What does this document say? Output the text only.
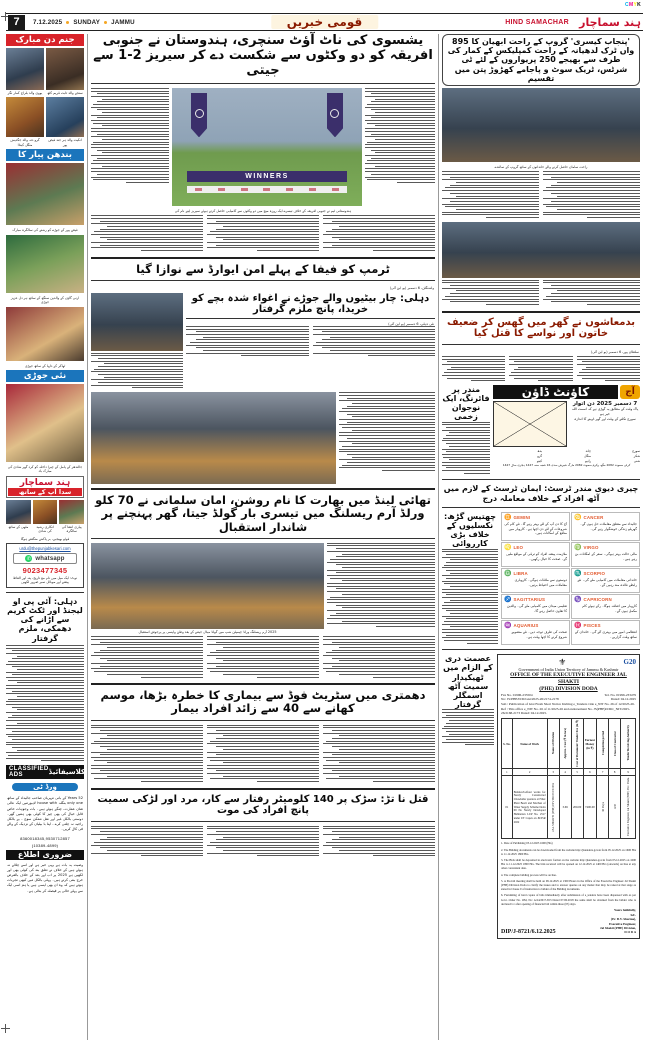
CMYK
7	7.12.2025 SUNDAY JAMMU	قومی خبریں	HIND SAMACHAR ہند سماچار
جنم دن مبارک
یووی والد بلراج کمار نگر	سنجے والد ثابت قریم کٹھ
گرو دتہ والد جگدیش منگل کینڈا
انکیت والد ہر جند فیض پور
بندھن پیار کا
فیض پور کے جوڑے کو رشتے کی سالگرہ مبارک
ارنی گاؤں کے والدین سنگھ کے ساتھ ہر دل عزیز جوڑی
ٹھاکر کے دلہا کے ساتھ جوڑی
نئی جوڑی
جالندھر کے پامل کے چیرا داخلہ کو کرد گھر شادی کی مبارک باد
ہند سماچار
سدا آپ کے ساتھ
مٹھی کے ساتھ	انکاری رشید کی شادی
پیاری انشا کی سالگرہ
فوٹو بھیجیں، بر پاکش منگفتے ہوگا
urdu@thepunjabkesari.com
✆ whatsapp
9023477345
نوٹ: ایک میل میں نام مع تاریخ، پتہ اور الفاظ پیشے اور موبائل نمبر ضرور لکھیں
دہلی: آئی پی او لیجنڈ اور ٹکٹ کریم سے اڑانے کی دھمکی، ملزم گرفتار
CLASSIFIED ADS	کلاسیفائیڈ
ورڈ ٹی
52 Years کے بانی مہربان صاحب جائیداد کے ساتھ only one بنگلہ house with لاہورمیں ایک عالی شان عمارت، چنگے ہوئے ہیں۔ بات وجوہات خاص قابل خیال کی بھی چیز کا کوئی بھی ہمیں گھر۔ دوستی بالکل غیر اور نقل ممکن سوچ - بے بالکل راجیہ نہ چلتی کرے - اپنا با بیٹیاں کے نزدیک کے والے فی کال کریں۔
8360018345,9530712857
(10389-4899)
ضروری اطلاع
وصیت یہ بات ہے یہی خبر ہے اور اسے چلائے نہ ہوئے ہیں کے خلاف نے تعلق بند کی کوئی بھی اور لکھیں ہے 2025 پر اب اور بعد کے خلاف بالفرض خرچ بنتی کرتے ہیں۔ پہلی بالکل میں کبھی تجربات ہوتے ہیں کہ وہ ان بھی ایسی ہیں یا ہم اسی ایک سے پہلے خالی پر فیصلہ کر بتائی ہے۔
یشسوی کی ناٹ آؤٹ سنچری، ہندوستان نے جنوبی افریقہ کو دو وکٹوں سے شکست دے کر سیریز 2-1 سے جیتی
WINNERS
ہندوستانی ٹیم نے جنوبی افریقہ کے خلاف تیسرے ایک روزہ میچ میں دو وکٹوں سے کامیابی حاصل کرتے ہوئے سیریز اپنے نام کی
ٹرمپ کو فیفا کے پہلے امن ایوارڈ سے نوازا گیا
واشنگٹن، 6 دسمبر (یو این آئی)
دہلی: چار بیٹیوں والے جوڑے نے اغواء شدہ بچے کو خریدا، پانچ ملزم گرفتار
نئی دہلی، 6 دسمبر (یو این آئی)
تھائی لینڈ میں بھارت کا نام روشن، امان سلمانی نے 70 کلو ورلڈ آرم ریسلنگ میں تیسری بار گولڈ جیتا، گھر پہنچنے پر شاندار استقبال
2025 آرم ریسلنگ ورلڈ چیمپئن شپ میں گولڈ میڈل جیتنے کے بعد وطن واپسی پر پرجوش استقبال
دھمتری میں سٹریٹ فوڈ سے بیماری کا خطرہ بڑھا، موسم کھانے سے 40 سے زائد افراد بیمار
قتل نا تڑ: سڑک پر 140 کلومیٹر رفتار سے کار، مرد اور لڑکی سمیت پانچ افراد کی موت
'پنجاب کیسری' گروپ کے راحت ابھیان کا 895 واں ٹرک لدھیانہ کے راحت کمپلیکس کے کمار کی طرف سے بھیجے 250 پریواروں کے لئے ٹی شرٹس، ٹریک سوٹ و پاجامے کھڑوڑ پتن میں تقسیم
راحت سامان حاصل کرنے والے خاندانوں کے ساتھ گروپ کے نمائندے
بدمعاشوں نے گھر میں گھس کر ضعیف خاتون اور نواسے کا قتل کیا
سلطان پور، 6 دسمبر (یو این آئی)
مندر پر فائرنگ، ایک نوجوان زخمی
کاؤنٹ ڈاؤن	آج
7 دسمبر 2025 دن اتوار
پاک وقت کے مطابق یہ گھڑی ہے کہ اسمت اللہ خیر ہو
سورج نکلنے کے وقت اور گھر ڈوبنے کا اندازہ
سورج
چاند
بدھ
شکر
منگل
گرو
شنی
راہو
کیتو
کرلی سموت 2082 مگھ، وکرم سموت 2082 مارگ شیرش سدی 16 شنبہ سنہ 1447 ہجری سال 1447
چیری دیوی مندر ٹرسٹ: ایمان ٹرسٹ کے لازم میں آٹھ افراد کے خلاف معاملہ درج
چھتیس گڑھ: نکسلیوں کے خلاف بڑی کارروائی
♊ GEMINI
آج کا دن آپ کے لئے بہتر رہے گا۔ نئے کام کی شروعات کے لئے دن اچھا ہے۔ کاروبار میں منافع کے امکانات ہیں۔
♋ CANCER
جائیداد سے متعلق معاملات حل ہوں گے۔ گھریلو زندگی خوشگوار رہے گی۔
♌ LEO
ملازمت پیشہ افراد کو ترقی کے مواقع ملیں گے۔ صحت کا خیال رکھیں۔
♍ VIRGO
مالی حالت بہتر ہوگی۔ سفر کے امکانات بن رہے ہیں۔
♎ LIBRA
دوستوں سے ملاقات ہوگی۔ کاروباری معاملات میں احتیاط برتیں۔
♏ SCORPIO
خاندانی معاملات میں کامیابی ملے گی۔ نئے رابطے فائدہ مند رہیں گے۔
♐ SAGITTARIUS
تعلیمی میدان میں کامیابی ملے گی۔ والدین کا تعاون حاصل رہے گا۔
♑ CAPRICORN
کاروبار میں اضافہ ہوگا۔ رکے ہوئے کام مکمل ہوں گے۔
♒ AQUARIUS
صحت کی طرف توجہ دیں۔ نئے منصوبے شروع کرنے کا اچھا وقت ہے۔
♓ PISCES
انتظامی امور میں بہتری آئے گی۔ خاندان کے ساتھ وقت گزاریں۔
عصمت دری کے الزام میں ٹھیکیدار سمیت آٹھ اسمگلر گرفتار
G20
⚜
Government of India Union Territory of Jammu & Kashmir
OFFICE OF THE EXECUTIVE ENGINEER JAL SHAKTI
(PHE) DIVISION DODA
Fax No. 01996-233504	Tel. No. 01996-233479
No: JS/PHE/D/D/Gist/2025-26/2174-2178	Dated: 04.12.2025
Sub : Publication of Gist Fresh Short Notice Inviting e_Tenders vide e_NIT No. 26 of 12/2025-26.
Ref : This office e_NIT No. 26 of 11/2025-26 and endorsement No. JS(PHE)D/Div_NIT/2025-26/2168-2173 Dated: 04.12.2025.
S. No.	Name of Work	Name of Division	Approx. Cost (₹ in lacs)	Cost of Document/ Tender Fee (in ₹)	Earnest Money (in ₹)	Completion period	Class of Contractor	Tender Receiving Authority
1	2	3	4	5	6	7	8	9
01	Balance/Leftout works for Newly Constructed Chowkidar quarters at Filter Plant Beoli and Machan of Water Supply Scheme Doda 09 No Newly Developed Habitation LUP No. 2517 under UT Capex on JKSSR 2022	JAL SHAKTI (PHE) DIVISION DODA	3.69	200.00	7400.00	30 Days	A/D	Executive Engineer, Jal Shakti (PHE) Div. Doda.
1. Date of Publishing 05.12.2025 1600 (Hrs)
2. The Bidding documents can be downloaded from the website http://jktenders.gov.in from 05.12.2025 on 1600 Hrs to 11.12.2025 1800 Hrs.
3. The Bids shall be deposited in electronic format on the website http://jktenders.gov.in from 05.12.2025 on 1600 Hrs to 11.12.2025 1800 Hrs. The bids received will be opened on 12.12.2025 at 1400 Hrs (onwards) on line at any other convenient date.
4. The complete bidding process will be on line.
5. A Pre-bid meeting shall be held on 09.12.2025 at 1300 Hours in the Office of the Executive Engineer Jal Shakti (PHE) Division Doda to clarify the issues and to answer queries on any matter that may be raised at that stage as stated in Clause 9 of instruction to bidder of the Bidding documents.
6. Furnishing of hard copies of bids immediately after submission of e_tenders have been dispensed with as per Govt. Order No. OM, No: A/24/2017-653 Dated 07.06.2018 the same shall be obtained from the bidder who is declared L1 after opening of financial bid within three (03) days.
DIP/J-8721/6.12.2025
Yours faithfully,
Sd/-
(Er. B.V. Sharma),
Executive Engineer,
Jal Shakti (PHE) Division,
D O D A
